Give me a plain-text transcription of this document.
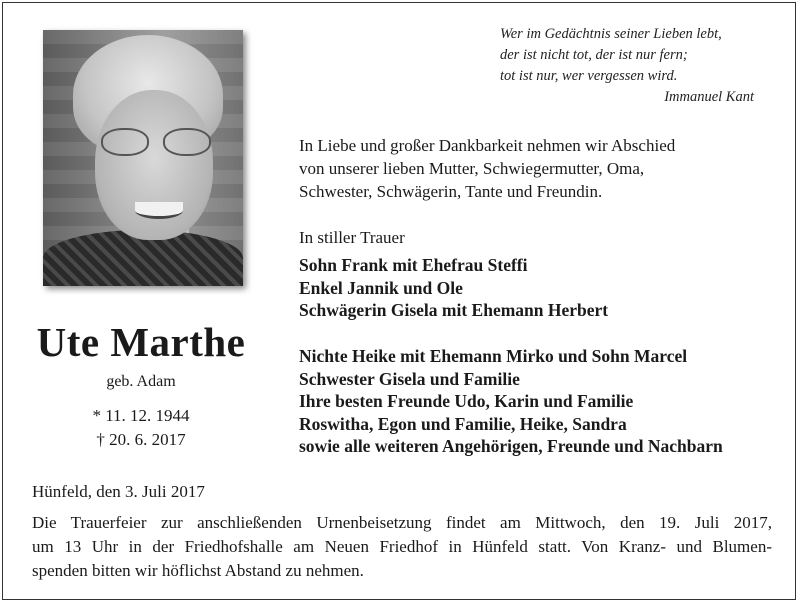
Wer im Gedächtnis seiner Lieben lebt,
der ist nicht tot, der ist nur fern;
tot ist nur, wer vergessen wird.
Immanuel Kant
In Liebe und großer Dankbarkeit nehmen wir Abschied
von unserer lieben Mutter, Schwiegermutter, Oma,
Schwester, Schwägerin, Tante und Freundin.
In stiller Trauer
Sohn Frank mit Ehefrau Steffi
Enkel Jannik und Ole
Schwägerin Gisela mit Ehemann Herbert
Nichte Heike mit Ehemann Mirko und Sohn Marcel
Schwester Gisela und Familie
Ihre besten Freunde Udo, Karin und Familie
Roswitha, Egon und Familie, Heike, Sandra
sowie alle weiteren Angehörigen, Freunde und Nachbarn
Ute Marthe
geb. Adam
* 11. 12. 1944
† 20. 6. 2017
Hünfeld, den 3. Juli 2017
Die Trauerfeier zur anschließenden Urnenbeisetzung findet am Mittwoch, den 19. Juli 2017,
um 13 Uhr in der Friedhofshalle am Neuen Friedhof in Hünfeld statt. Von Kranz- und Blumen-
spenden bitten wir höflichst Abstand zu nehmen.
